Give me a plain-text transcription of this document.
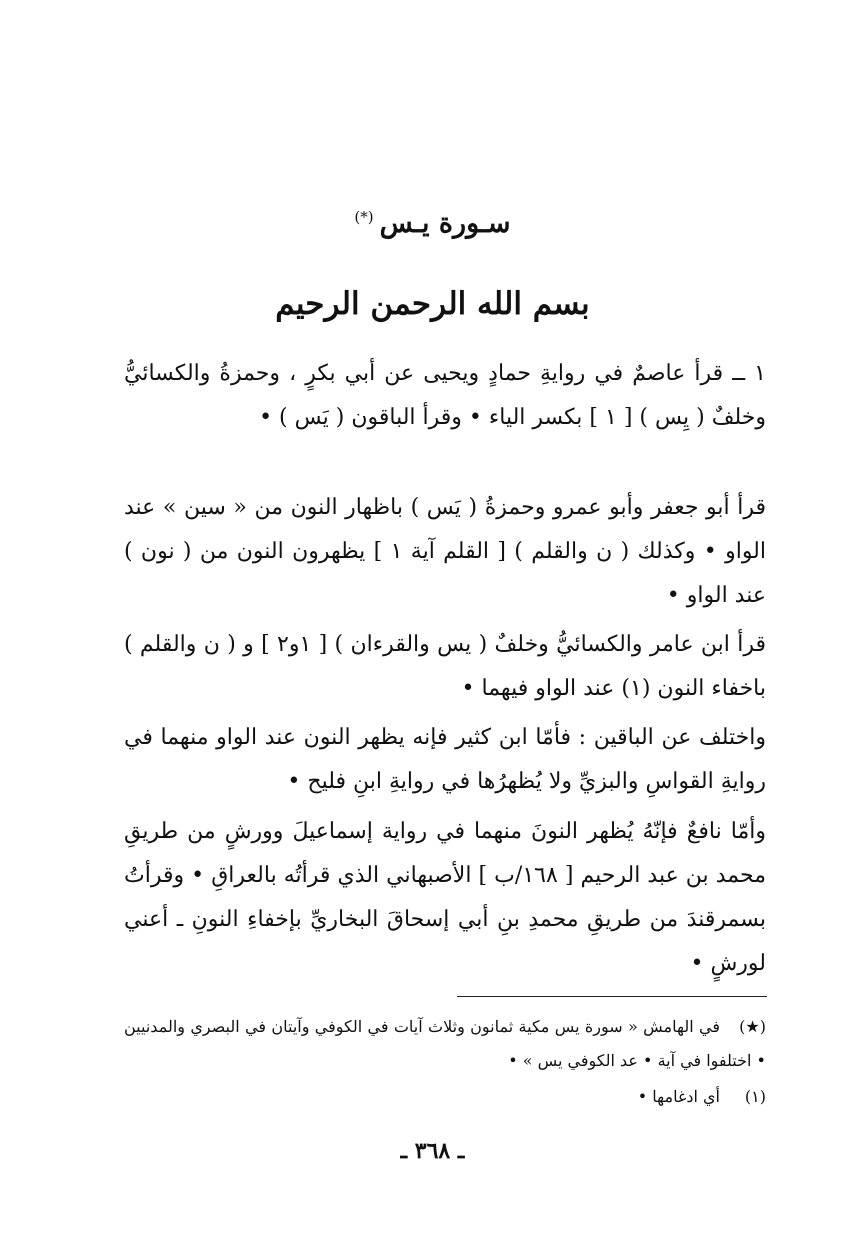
سـورة يـس(*)
بسم الله الرحمن الرحيم

١ ــ قرأ عاصمٌ في روايةِ حمادٍ ويحيى عن أبي بكرٍ ، وحمزةُ والكسائيُّ وخلفٌ ( يِس ) [ ١ ] بكسر الياء • وقرأ الباقون ( يَس ) •

قرأ أبو جعفر وأبو عمرو وحمزةُ ( يَس ) باظهار النون من « سين » عند الواو • وكذلك ( ن والقلم ) [ القلم آية ١ ] يظهرون النون من ( نون ) عند الواو •

قرأ ابن عامر والكسائيُّ وخلفٌ ( يس والقرءان ) [ ١و٢ ] و ( ن والقلم ) باخفاء النون (١) عند الواو فيهما •

واختلف عن الباقين : فأمّا ابن كثير فإنه يظهر النون عند الواو منهما في روايةِ القواسِ والبزيِّ ولا يُظهرُها في روايةِ ابنِ فليح •

وأمّا نافعٌ فإنّهُ يُظهر النونَ منهما في رواية إسماعيلَ وورشٍ من طريقِ محمد بن عبد الرحيم [ ١٦٨/ب ] الأصبهاني الذي قرأتُه بالعراقِ • وقرأتُ بسمرقندَ من طريقِ محمدِ بنِ أبي إسحاقَ البخاريِّ بإخفاءِ النونِ ـ أعني لورشٍ •

(★)في الهامش « سورة يس مكية ثمانون وثلاث آيات في الكوفي وآيتان في البصري والمدنيين • اختلفوا في آية • عد الكوفي يس » •

(١)أي ادغامها •

ـ ٣٦٨ ـ
